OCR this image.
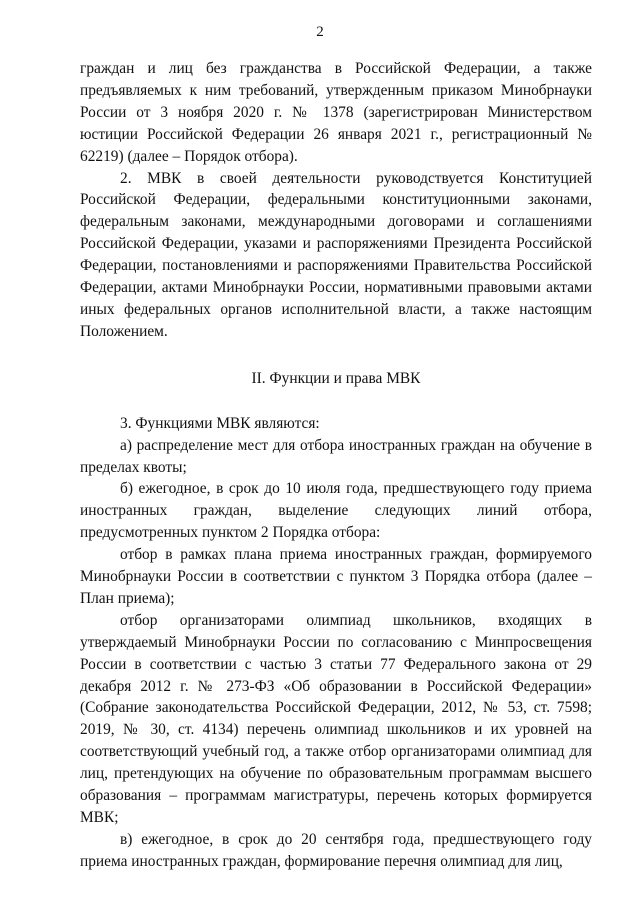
2

граждан и лиц без гражданства в Российской Федерации, а также предъявляемых к ним требований, утвержденным приказом Минобрнауки России от 3 ноября 2020 г. № 1378 (зарегистрирован Министерством юстиции Российской Федерации 26 января 2021 г., регистрационный № 62219) (далее – Порядок отбора).

2. МВК в своей деятельности руководствуется Конституцией Российской Федерации, федеральными конституционными законами, федеральным законами, международными договорами и соглашениями Российской Федерации, указами и распоряжениями Президента Российской Федерации, постановлениями и распоряжениями Правительства Российской Федерации, актами Минобрнауки России, нормативными правовыми актами иных федеральных органов исполнительной власти, а также настоящим Положением.

II. Функции и права МВК

3. Функциями МВК являются:

а) распределение мест для отбора иностранных граждан на обучение в пределах квоты;

б) ежегодное, в срок до 10 июля года, предшествующего году приема иностранных граждан, выделение следующих линий отбора, предусмотренных пунктом 2 Порядка отбора:

отбор в рамках плана приема иностранных граждан, формируемого Минобрнауки России в соответствии с пунктом 3 Порядка отбора (далее – План приема);

отбор организаторами олимпиад школьников, входящих в утверждаемый Минобрнауки России по согласованию с Минпросвещения России в соответствии с частью 3 статьи 77 Федерального закона от 29 декабря 2012 г. № 273-ФЗ «Об образовании в Российской Федерации» (Собрание законодательства Российской Федерации, 2012, № 53, ст. 7598; 2019, № 30, ст. 4134) перечень олимпиад школьников и их уровней на соответствующий учебный год, а также отбор организаторами олимпиад для лиц, претендующих на обучение по образовательным программам высшего образования – программам магистратуры, перечень которых формируется МВК;

в) ежегодное, в срок до 20 сентября года, предшествующего году приема иностранных граждан, формирование перечня олимпиад для лиц,
